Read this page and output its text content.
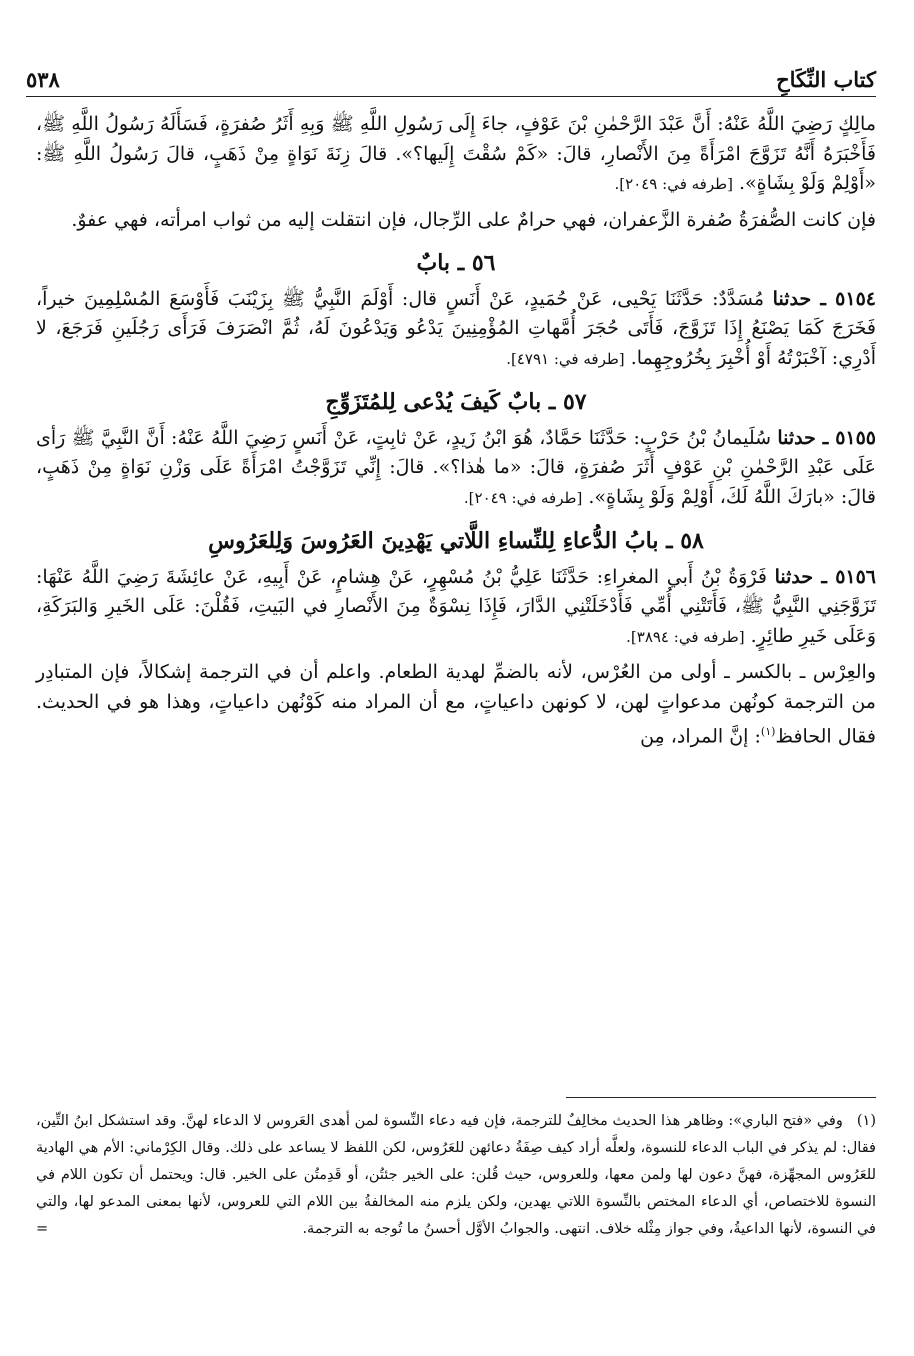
٥٣٨	كتاب النِّكَاحِ

مالِكٍ رَضِيَ اللَّهُ عَنْهُ: أَنَّ عَبْدَ الرَّحْمٰنِ بْنَ عَوْفٍ، جاءَ إِلَى رَسُولِ اللَّهِ ﷺ وَبِهِ أَثَرُ صُفرَةٍ، فَسَأَلَهُ رَسُولُ اللَّهِ ﷺ، فَأَخْبَرَهُ أَنَّهُ تَزَوَّجَ امْرَأَةً مِنَ الأَنْصارِ، قالَ: «كَمْ سُقْتَ إِلَيها؟». قالَ زِنَةَ نَوَاةٍ مِنْ ذَهَبٍ، قالَ رَسُولُ اللَّهِ ﷺ: «أَوْلِمْ وَلَوْ بِشَاةٍ». [طرفه في: ٢٠٤٩].

فإن كانت الصُّفرَةُ صُفرة الزَّعفران، فهي حرامٌ على الرِّجال، فإن انتقلت إليه من ثواب امرأته، فهي عفوٌ.

٥٦ ـ بابٌ

٥١٥٤ ـ حدثنا مُسَدَّدٌ: حَدَّثَنَا يَحْيى، عَنْ حُمَيدٍ، عَنْ أَنَسٍ قال: أَوْلَمَ النَّبِيُّ ﷺ بِزَيْنَبَ فَأَوْسَعَ المُسْلِمِينَ خيراً، فَخَرَجَ كَمَا يَصْنَعُ إِذَا تَزَوَّجَ، فَأَتَى حُجَرَ أُمَّهاتِ المُؤْمِنِينَ يَدْعُو وَيَدْعُونَ لَهُ، ثُمَّ انْصَرَفَ فَرَأَى رَجُلَينِ فَرَجَعَ، لا أَدْرِي: آخْبَرْتُهُ أَوْ أُخْبِرَ بِخُرُوجِهِما. [طرفه في: ٤٧٩١].

٥٧ ـ بابٌ كَيفَ يُدْعى لِلمُتَزَوِّجِ

٥١٥٥ ـ حدثنا سُلَيمانُ بْنُ حَرْبٍ: حَدَّثَنَا حَمَّادٌ، هُوَ ابْنُ زَيدٍ، عَنْ ثابِتٍ، عَنْ أَنَسٍ رَضِيَ اللَّهُ عَنْهُ: أَنَّ النَّبِيَّ ﷺ رَأى عَلَى عَبْدِ الرَّحْمٰنِ بْنِ عَوْفٍ أَثَرَ صُفرَةٍ، قالَ: «ما هٰذا؟». قالَ: إِنِّي تَزَوَّجْتُ امْرَأَةً عَلَى وَزْنِ نَوَاةٍ مِنْ ذَهَبٍ، قالَ: «بارَكَ اللَّهُ لَكَ، أَوْلِمْ وَلَوْ بِشَاةٍ». [طرفه في: ٢٠٤٩].

٥٨ ـ بابُ الدُّعاءِ لِلنِّساءِ اللَّاتي يَهْدِينَ العَرُوسَ وَلِلعَرُوسِ

٥١٥٦ ـ حدثنا فَرْوَةُ بْنُ أَبي المغراءِ: حَدَّثَنَا عَلِيُّ بْنُ مُسْهِرٍ، عَنْ هِشامٍ، عَنْ أَبِيهِ، عَنْ عائِشَةَ رَضِيَ اللَّهُ عَنْهَا: تَزَوَّجَنِي النَّبِيُّ ﷺ، فَأَتَتْنِي أُمِّي فَأَدْخَلَتْنِي الدَّارَ، فَإِذَا نِسْوَةٌ مِنَ الأَنْصارِ في البَيتِ، فَقُلْنَ: عَلَى الخَيرِ وَالبَرَكَةِ، وَعَلَى خَيرِ طائِرٍ. [طرفه في: ٣٨٩٤].

والعِرْس ـ بالكسر ـ أولى من العُرْس، لأنه بالضمِّ لهدية الطعام. واعلم أن في الترجمة إشكالاً، فإن المتبادِر من الترجمة كونُهن مدعواتٍ لهن، لا كونهن داعياتٍ، مع أن المراد منه كَوْنُهن داعياتٍ، وهذا هو في الحديث. فقال الحافظ$^{(١)}$: إنَّ المراد، مِن

(١)

وفي «فتح الباري»: وظاهر هذا الحديث مخالِفٌ للترجمة، فإن فيه دعاء النِّسوة لمن أهدى العَروس لا الدعاء لهنَّ. وقد استشكل ابنُ التِّين، فقال: لم يذكر في الباب الدعاء للنسوة، ولعلَّه أراد كيف صِفَةُ دعائهن للعَرُوس، لكن اللفظ لا يساعد على ذلك. وقال الكِرْماني: الأم هي الهادية للعَرُوس المجهِّزة، فهنَّ دعون لها ولمن معها، وللعروس، حيث قُلن: على الخير جئتُن، أو قَدِمتُن على الخير. قال: ويحتمل أن تكون اللام في النسوة للاختصاص، أي الدعاء المختص بالنِّسوة اللاتي يهدين، ولكن يلزم منه المخالفةُ بين اللام التي للعروس، لأنها بمعنى المدعو لها، والتي في النسوة، لأنها الداعيةُ، وفي جواز مِثْله خلاف. انتهى. والجوابُ الأوَّل أحسنُ ما تُوجه به الترجمة.

=
